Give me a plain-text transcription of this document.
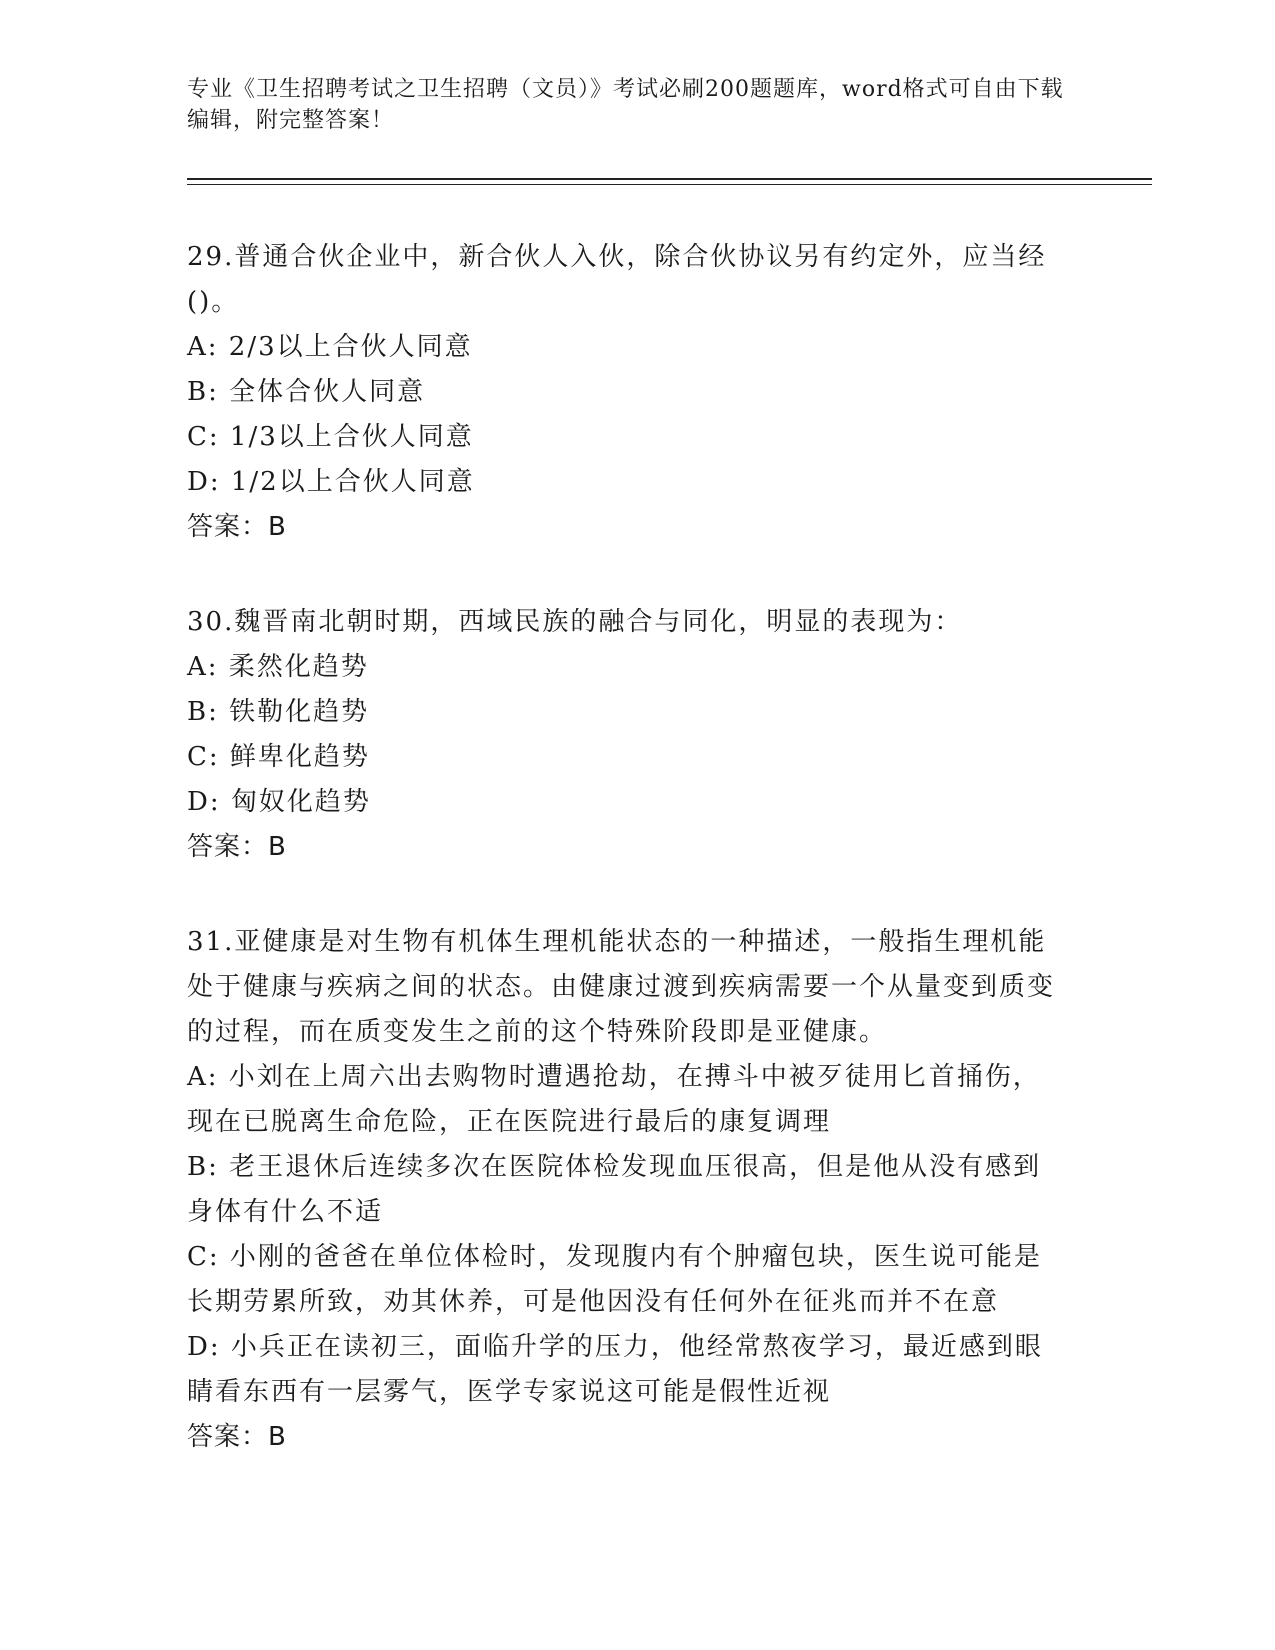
专业《卫生招聘考试之卫生招聘（文员）》考试必刷200题题库，word格式可自由下载编辑，附完整答案！
29.普通合伙企业中，新合伙人入伙，除合伙协议另有约定外，应当经()。
A: 2/3以上合伙人同意
B: 全体合伙人同意
C: 1/3以上合伙人同意
D: 1/2以上合伙人同意
答案：B
30.魏晋南北朝时期，西域民族的融合与同化，明显的表现为：
A: 柔然化趋势
B: 铁勒化趋势
C: 鲜卑化趋势
D: 匈奴化趋势
答案：B
31.亚健康是对生物有机体生理机能状态的一种描述，一般指生理机能处于健康与疾病之间的状态。由健康过渡到疾病需要一个从量变到质变的过程，而在质变发生之前的这个特殊阶段即是亚健康。
A: 小刘在上周六出去购物时遭遇抢劫，在搏斗中被歹徒用匕首捅伤，现在已脱离生命危险，正在医院进行最后的康复调理
B: 老王退休后连续多次在医院体检发现血压很高，但是他从没有感到身体有什么不适
C: 小刚的爸爸在单位体检时，发现腹内有个肿瘤包块，医生说可能是长期劳累所致，劝其休养，可是他因没有任何外在征兆而并不在意
D: 小兵正在读初三，面临升学的压力，他经常熬夜学习，最近感到眼睛看东西有一层雾气，医学专家说这可能是假性近视
答案：B
